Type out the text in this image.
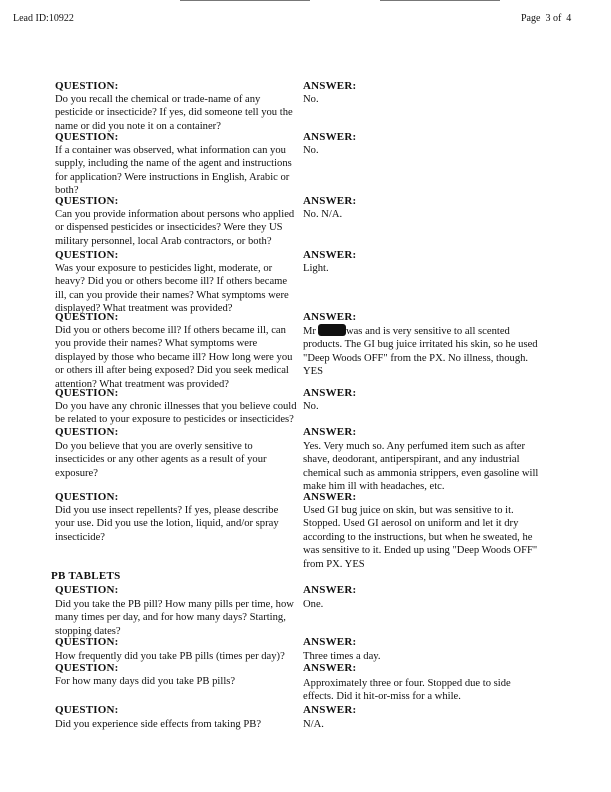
Lead ID:10922	Page  3 of  4
QUESTION:
Do you recall the chemical or trade-name of any pesticide or insecticide? If yes, did someone tell you the name or did you note it on a container?
ANSWER:
No.
QUESTION:
If a container was observed, what information can you supply, including the name of the agent and instructions for application? Were instructions in English, Arabic or both?
ANSWER:
No.
QUESTION:
Can you provide information about persons who applied or dispensed pesticides or insecticides? Were they US military personnel, local Arab contractors, or both?
ANSWER:
No. N/A.
QUESTION:
Was your exposure to pesticides light, moderate, or heavy? Did you or others become ill? If others became ill, can you provide their names? What symptoms were displayed? What treatment was provided?
ANSWER:
Light.
QUESTION:
Did you or others become ill? If others became ill, can you provide their names? What symptoms were displayed by those who became ill? How long were you or others ill after being exposed? Did you seek medical attention? What treatment was provided?
ANSWER:
Mr	was and is very sensitive to all scented products. The GI bug juice irritated his skin, so he used "Deep Woods OFF" from the PX. No illness, though. YES
QUESTION:
Do you have any chronic illnesses that you believe could be related to your exposure to pesticides or insecticides?
ANSWER:
No.
QUESTION:
Do you believe that you are overly sensitive to insecticides or any other agents as a result of your exposure?
ANSWER:
Yes. Very much so. Any perfumed item such as after shave, deodorant, antiperspirant, and any industrial chemical such as ammonia strippers, even gasoline will make him ill with headaches, etc.
QUESTION:
Did you use insect repellents? If yes, please describe your use. Did you use the lotion, liquid, and/or spray insecticide?
ANSWER:
Used GI bug juice on skin, but was sensitive to it. Stopped. Used GI aerosol on uniform and let it dry according to the instructions, but when he sweated, he was sensitive to it. Ended up using "Deep Woods OFF" from PX. YES
PB TABLETS
QUESTION:
Did you take the PB pill? How many pills per time, how many times per day, and for how many days? Starting, stopping dates?
ANSWER:
One.
QUESTION:
How frequently did you take PB pills (times per day)?
ANSWER:
Three times a day.
QUESTION:
For how many days did you take PB pills?
ANSWER:
Approximately three or four. Stopped due to side effects. Did it hit-or-miss for a while.
QUESTION:
Did you experience side effects from taking PB?
ANSWER:
N/A.
